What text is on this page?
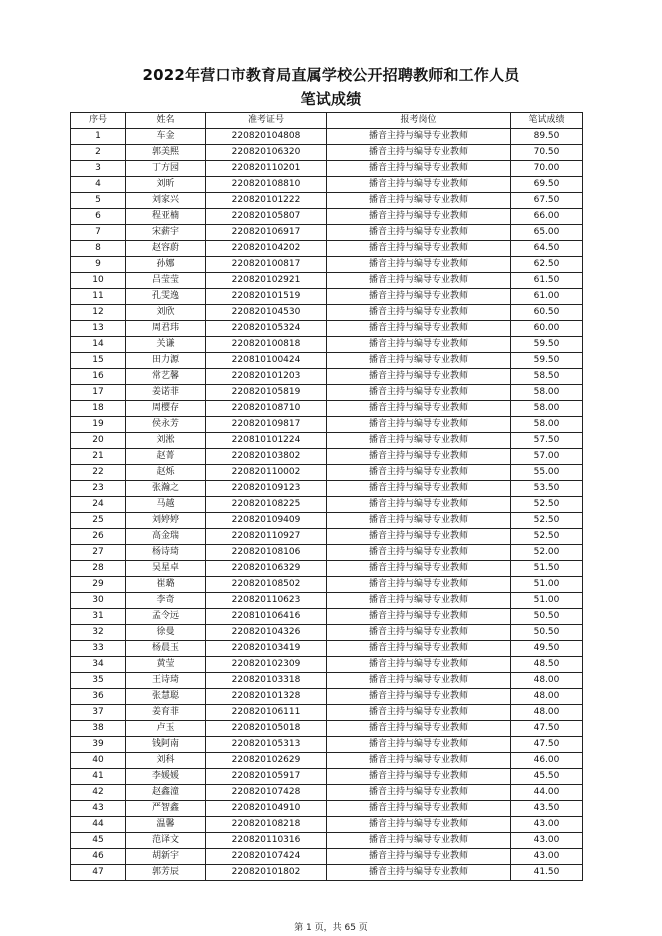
2022年营口市教育局直属学校公开招聘教师和工作人员
笔试成绩
序号	姓名	准考证号	报考岗位	笔试成绩
1	车金	220820104808	播音主持与编导专业教师	89.50
2	郭美熙	220820106320	播音主持与编导专业教师	70.50
3	丁方园	220820110201	播音主持与编导专业教师	70.00
4	刘昕	220820108810	播音主持与编导专业教师	69.50
5	刘家兴	220820101222	播音主持与编导专业教师	67.50
6	程亚楠	220820105807	播音主持与编导专业教师	66.00
7	宋薪宇	220820106917	播音主持与编导专业教师	65.00
8	赵容蔚	220820104202	播音主持与编导专业教师	64.50
9	孙娜	220820100817	播音主持与编导专业教师	62.50
10	吕莹莹	220820102921	播音主持与编导专业教师	61.50
11	孔雯逸	220820101519	播音主持与编导专业教师	61.00
12	刘欣	220820104530	播音主持与编导专业教师	60.50
13	周君玮	220820105324	播音主持与编导专业教师	60.00
14	关谦	220820100818	播音主持与编导专业教师	59.50
15	田力源	220810100424	播音主持与编导专业教师	59.50
16	常艺馨	220820101203	播音主持与编导专业教师	58.50
17	姜诺菲	220820105819	播音主持与编导专业教师	58.00
18	周樱存	220820108710	播音主持与编导专业教师	58.00
19	侯永芳	220820109817	播音主持与编导专业教师	58.00
20	刘淞	220810101224	播音主持与编导专业教师	57.50
21	赵菁	220820103802	播音主持与编导专业教师	57.00
22	赵烁	220820110002	播音主持与编导专业教师	55.00
23	张瀚之	220820109123	播音主持与编导专业教师	53.50
24	马越	220820108225	播音主持与编导专业教师	52.50
25	刘婷婷	220820109409	播音主持与编导专业教师	52.50
26	高金瑞	220820110927	播音主持与编导专业教师	52.50
27	杨诗琦	220820108106	播音主持与编导专业教师	52.00
28	吴星卓	220820106329	播音主持与编导专业教师	51.50
29	崔璐	220820108502	播音主持与编导专业教师	51.00
30	李奇	220820110623	播音主持与编导专业教师	51.00
31	孟令远	220810106416	播音主持与编导专业教师	50.50
32	徐曼	220820104326	播音主持与编导专业教师	50.50
33	杨晨玉	220820103419	播音主持与编导专业教师	49.50
34	黄莹	220820102309	播音主持与编导专业教师	48.50
35	王诗琦	220820103318	播音主持与编导专业教师	48.00
36	张慧聪	220820101328	播音主持与编导专业教师	48.00
37	姜育菲	220820106111	播音主持与编导专业教师	48.00
38	卢玉	220820105018	播音主持与编导专业教师	47.50
39	钱阿南	220820105313	播音主持与编导专业教师	47.50
40	刘科	220820102629	播音主持与编导专业教师	46.00
41	李媛媛	220820105917	播音主持与编导专业教师	45.50
42	赵鑫潼	220820107428	播音主持与编导专业教师	44.00
43	严智鑫	220820104910	播音主持与编导专业教师	43.50
44	温馨	220820108218	播音主持与编导专业教师	43.00
45	范译文	220820110316	播音主持与编导专业教师	43.00
46	胡新宇	220820107424	播音主持与编导专业教师	43.00
47	郭芳辰	220820101802	播音主持与编导专业教师	41.50
第 1 页，共 65 页
